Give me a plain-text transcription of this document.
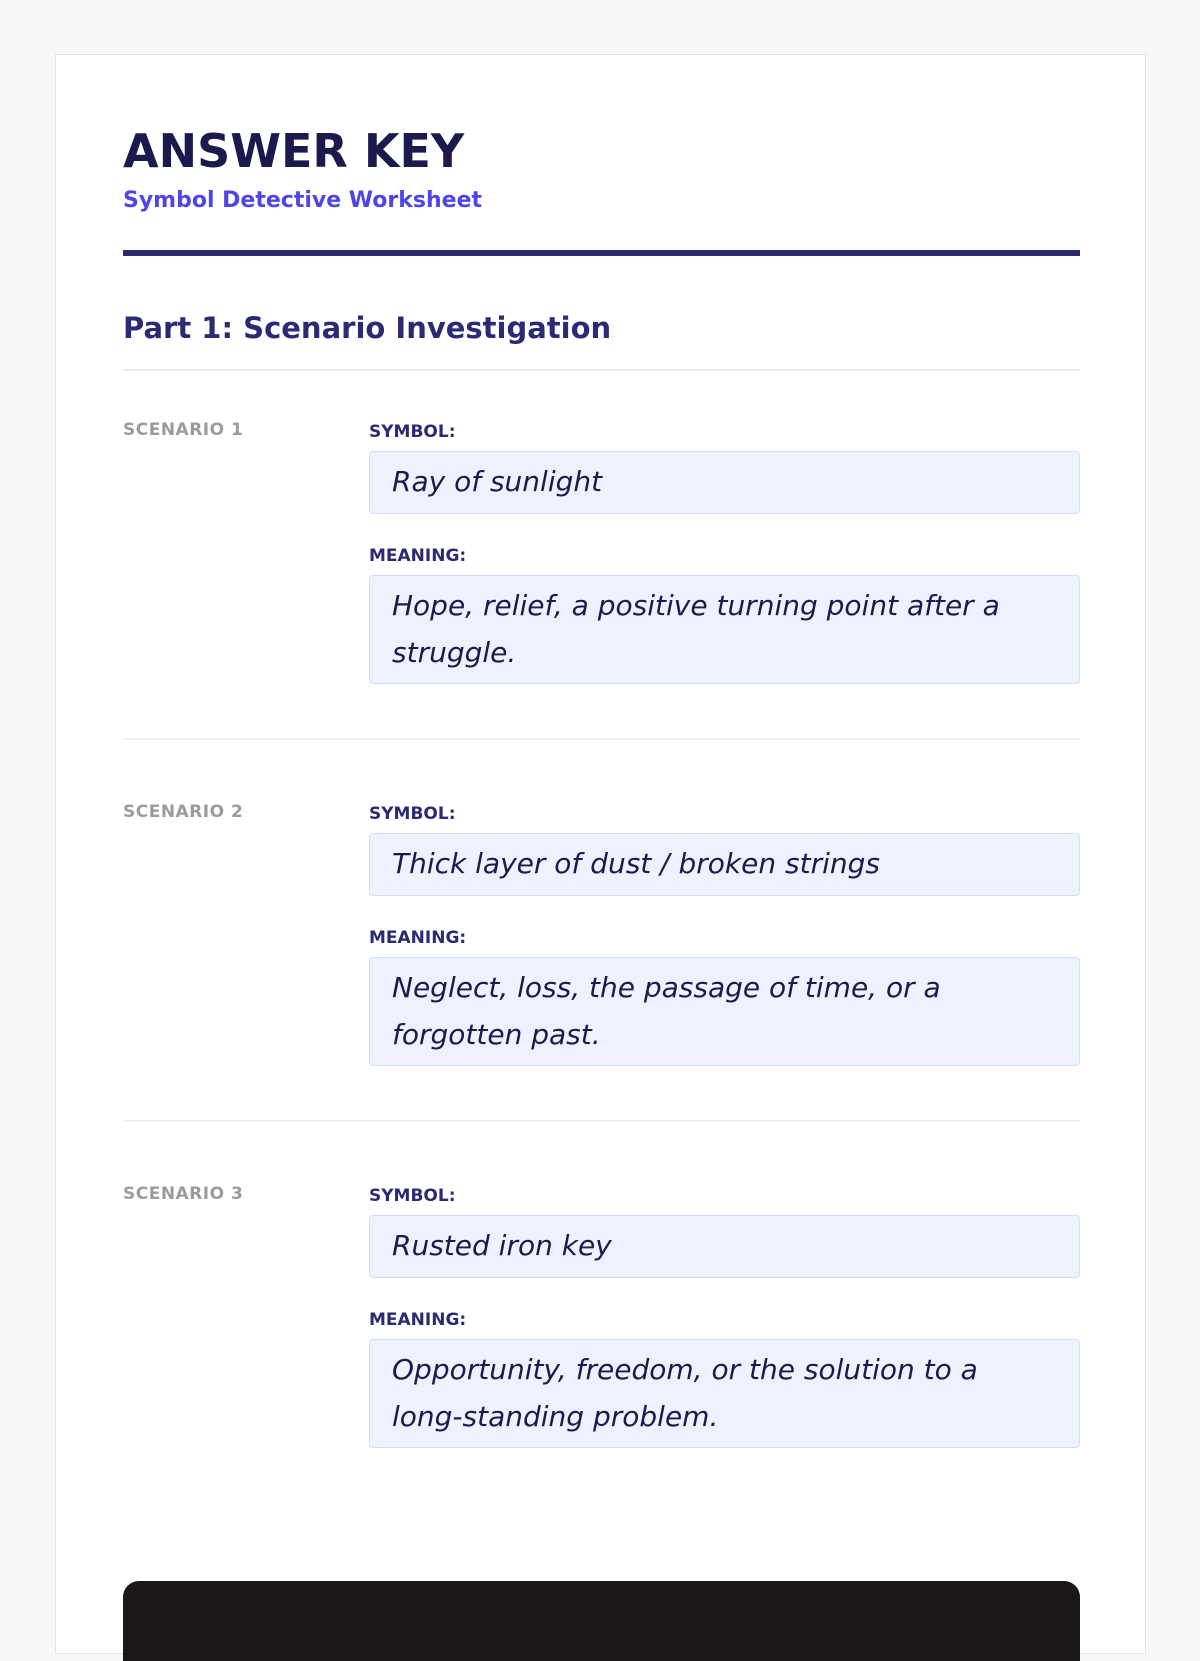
ANSWER KEY
Symbol Detective Worksheet
Part 1: Scenario Investigation
SCENARIO 1	SYMBOL:
Ray of sunlight
MEANING:
Hope, relief, a positive turning point after a struggle.
SCENARIO 2	SYMBOL:
Thick layer of dust / broken strings
MEANING:
Neglect, loss, the passage of time, or a forgotten past.
SCENARIO 3	SYMBOL:
Rusted iron key
MEANING:
Opportunity, freedom, or the solution to a long-standing problem.
